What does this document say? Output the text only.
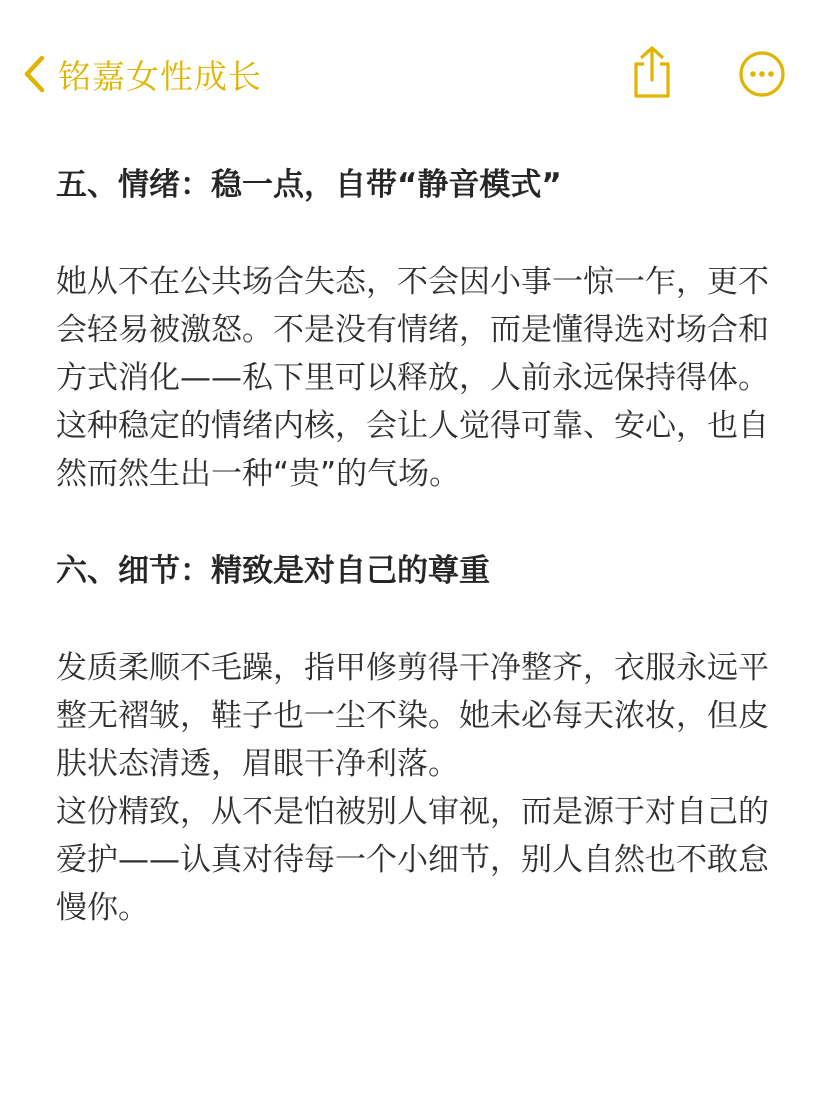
铭嘉女性成长
五、情绪：稳一点，自带“静音模式”

她从不在公共场合失态，不会因小事一惊一乍，更不会轻易被激怒。不是没有情绪，而是懂得选对场合和方式消化——私下里可以释放，人前永远保持得体。

这种稳定的情绪内核，会让人觉得可靠、安心，也自然而然生出一种“贵”的气场。

六、细节：精致是对自己的尊重

发质柔顺不毛躁，指甲修剪得干净整齐，衣服永远平整无褶皱，鞋子也一尘不染。她未必每天浓妆，但皮肤状态清透，眉眼干净利落。

这份精致，从不是怕被别人审视，而是源于对自己的爱护——认真对待每一个小细节，别人自然也不敢怠慢你。
